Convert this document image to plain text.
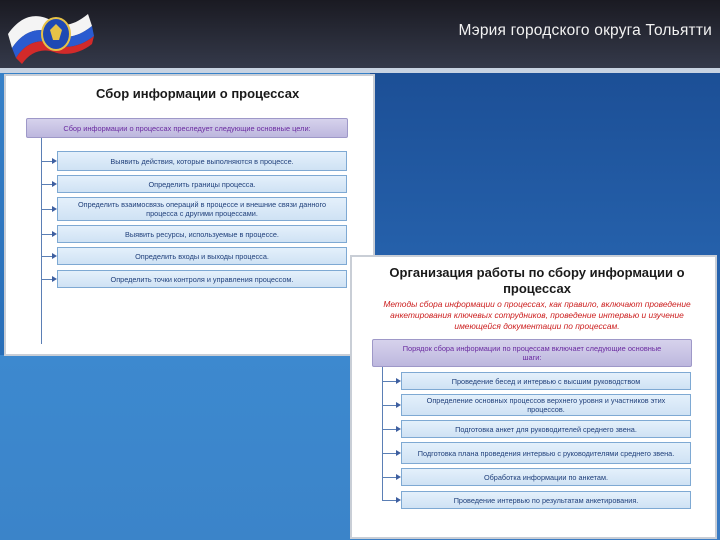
Мэрия городского округа Тольятти
Сбор информации о процессах
Сбор информации о процессах преследует следующие основные цели:
Выявить действия, которые выполняются в процессе.
Определить границы процесса.
Определить взаимосвязь операций в процессе и внешние связи данного процесса с другими процессами.
Выявить ресурсы, используемые в процессе.
Определить входы и выходы процесса.
Определить точки контроля и управления процессом.	Организация работы по сбору информации о процессах
Методы сбора информации о процессах, как правило, включают проведение анкетирования ключевых сотрудников, проведение интервью и изучение имеющейся документации по процессам.
Порядок сбора информации по процессам включает следующие основные шаги:
Проведение бесед и интервью с высшим руководством
Определение основных процессов верхнего уровня и участников этих процессов.
Подготовка анкет для руководителей среднего звена.
Подготовка плана проведения интервью с руководителями среднего звена.
Обработка информации по анкетам.
Проведение интервью по результатам анкетирования.
